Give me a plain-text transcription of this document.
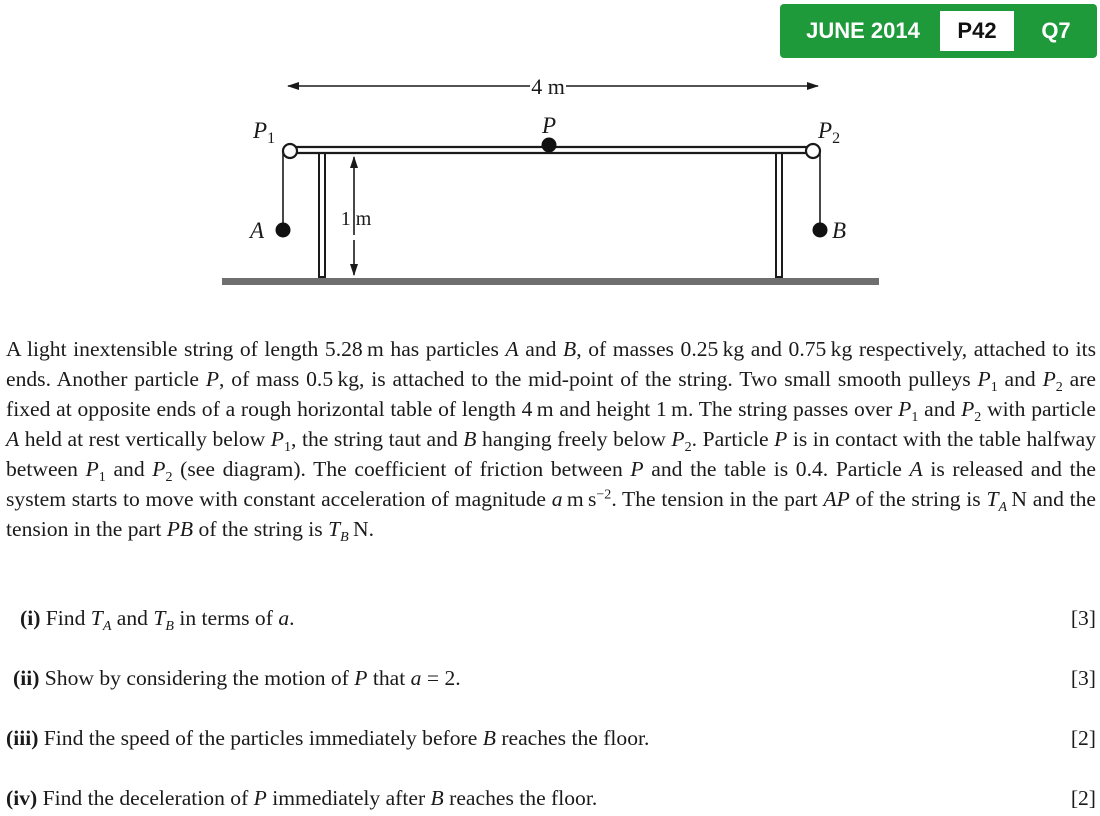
JUNE 2014	P42	Q7
4 m
$P_1$	$P_2$
P
A	B
1 m
A light inextensible string of length 5.28 m has particles A and B, of masses 0.25 kg and 0.75 kg respectively, attached to its ends. Another particle P, of mass 0.5 kg, is attached to the mid-point of the string. Two small smooth pulleys $P_1$ and $P_2$ are fixed at opposite ends of a rough horizontal table of length 4 m and height 1 m. The string passes over $P_1$ and $P_2$ with particle A held at rest vertically below $P_1$, the string taut and B hanging freely below $P_2$. Particle P is in contact with the table halfway between $P_1$ and $P_2$ (see diagram). The coefficient of friction between P and the table is 0.4. Particle A is released and the system starts to move with constant acceleration of magnitude a m $s^{-2}$. The tension in the part AP of the string is $T_A$ N and the tension in the part PB of the string is $T_B$ N.
(i) Find $T_A$ and $T_B$ in terms of a.	[3]
(ii) Show by considering the motion of P that a = 2.	[3]
(iii) Find the speed of the particles immediately before B reaches the floor.	[2]
(iv) Find the deceleration of P immediately after B reaches the floor.	[2]
